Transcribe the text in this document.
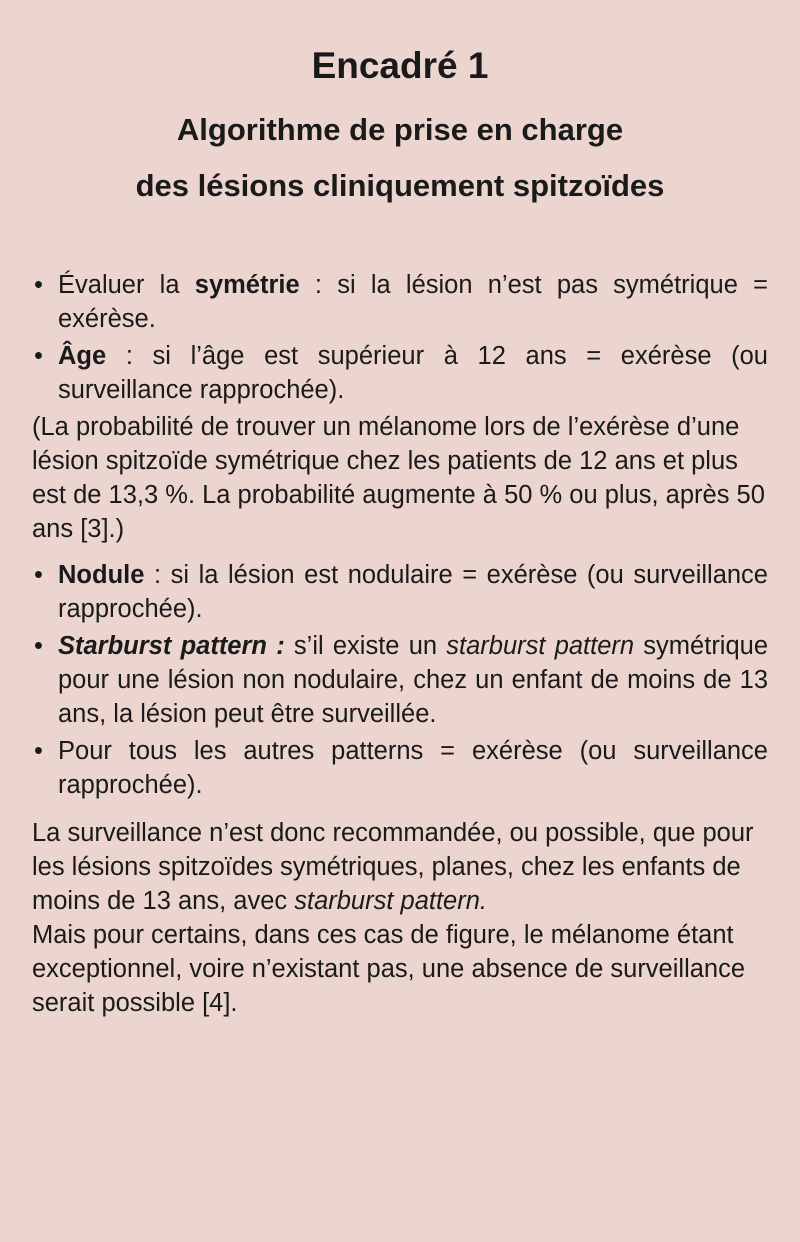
Encadré 1
Algorithme de prise en charge
des lésions cliniquement spitzoïdes
• Évaluer la symétrie : si la lésion n’est pas symétrique = exérèse.
• Âge : si l’âge est supérieur à 12 ans = exérèse (ou surveillance rapprochée).

(La probabilité de trouver un mélanome lors de l’exérèse d’une lésion spitzoïde symétrique chez les patients de 12 ans et plus est de 13,3 %. La probabilité augmente à 50 % ou plus, après 50 ans [3].)

• Nodule : si la lésion est nodulaire = exérèse (ou surveillance rapprochée).
• Starburst pattern : s’il existe un starburst pattern symétrique pour une lésion non nodulaire, chez un enfant de moins de 13 ans, la lésion peut être surveillée.
• Pour tous les autres patterns = exérèse (ou surveillance rapprochée).

La surveillance n’est donc recommandée, ou possible, que pour les lésions spitzoïdes symétriques, planes, chez les enfants de moins de 13 ans, avec starburst pattern.

Mais pour certains, dans ces cas de figure, le mélanome étant exceptionnel, voire n’existant pas, une absence de surveillance serait possible [4].
